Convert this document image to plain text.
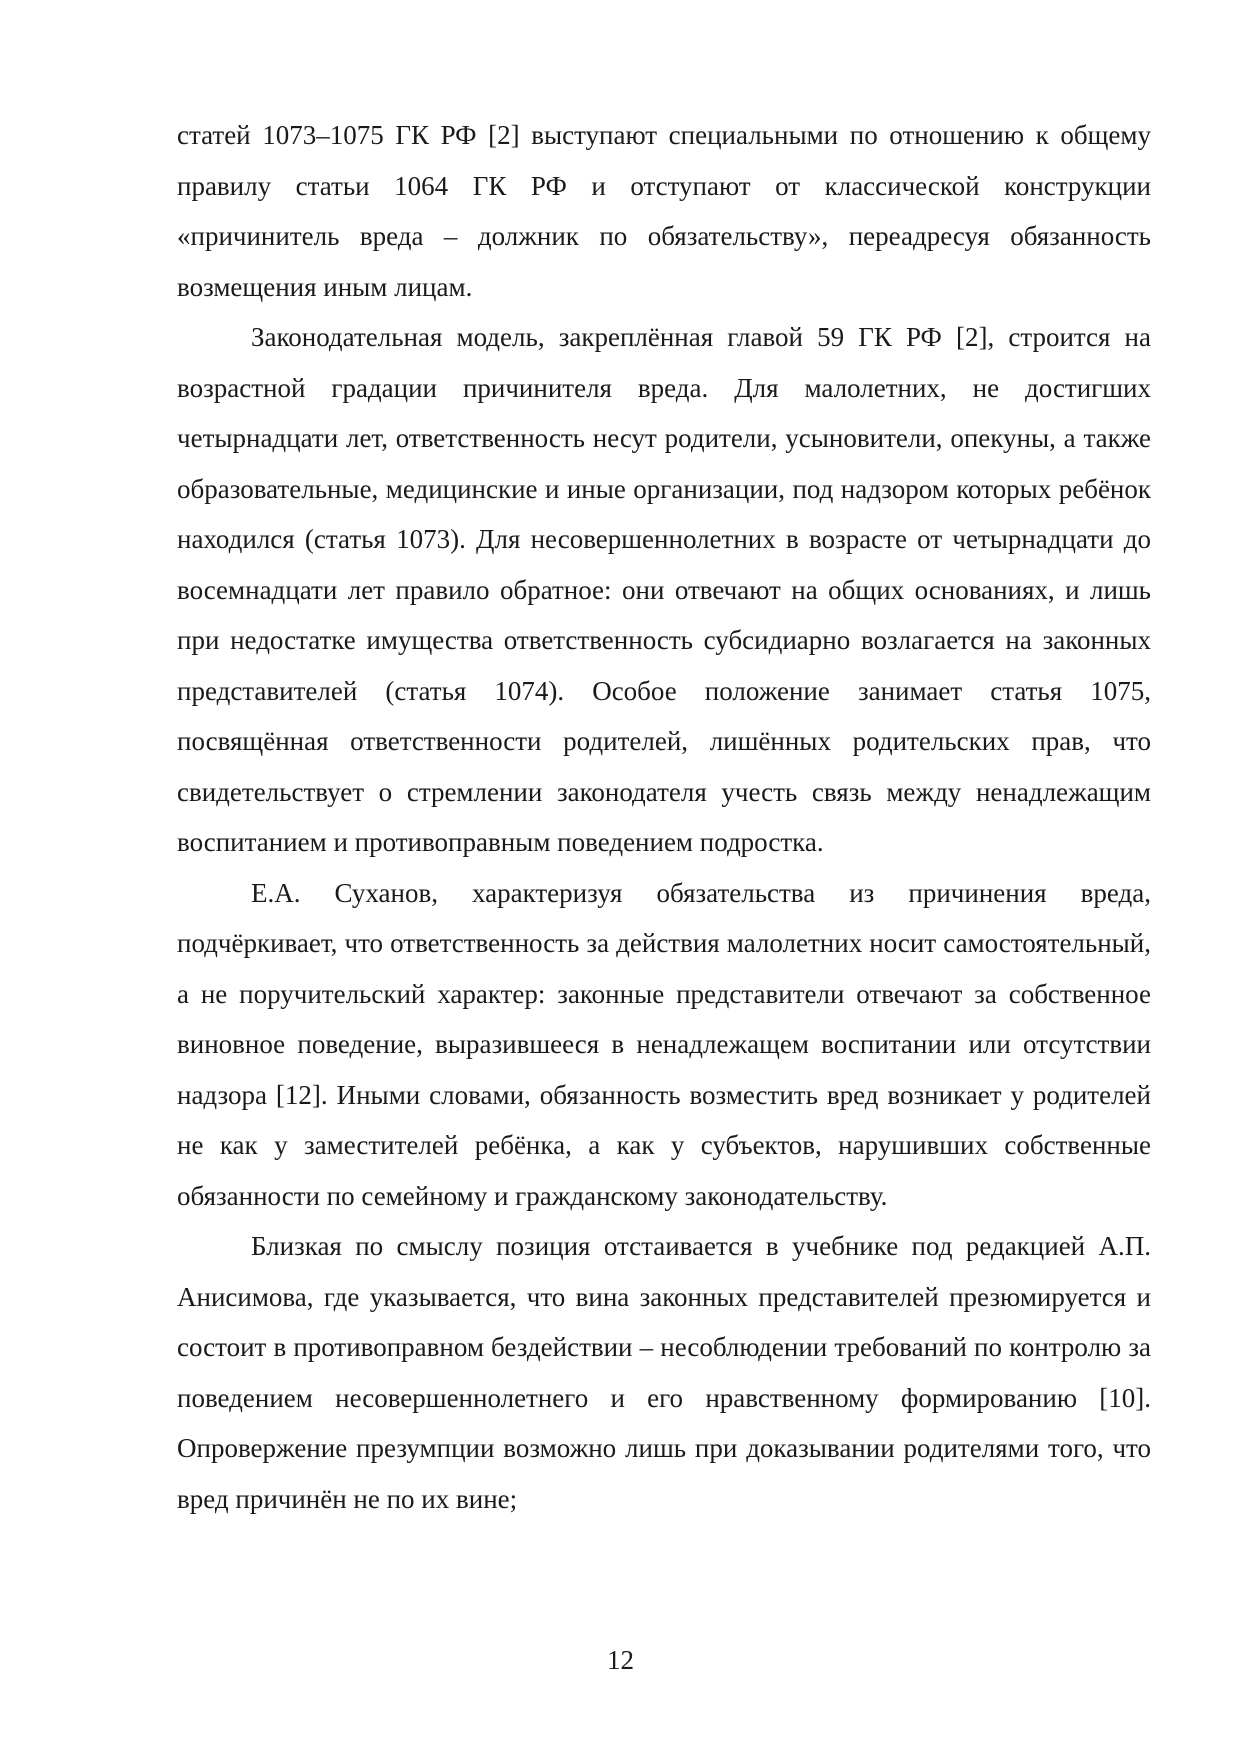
статей 1073–1075 ГК РФ [2] выступают специальными по отношению к общему правилу статьи 1064 ГК РФ и отступают от классической конструкции «причинитель вреда – должник по обязательству», переадресуя обязанность возмещения иным лицам.

Законодательная модель, закреплённая главой 59 ГК РФ [2], строится на возрастной градации причинителя вреда. Для малолетних, не достигших четырнадцати лет, ответственность несут родители, усыновители, опекуны, а также образовательные, медицинские и иные организации, под надзором которых ребёнок находился (статья 1073). Для несовершеннолетних в возрасте от четырнадцати до восемнадцати лет правило обратное: они отвечают на общих основаниях, и лишь при недостатке имущества ответственность субсидиарно возлагается на законных представителей (статья 1074). Особое положение занимает статья 1075, посвящённая ответственности родителей, лишённых родительских прав, что свидетельствует о стремлении законодателя учесть связь между ненадлежащим воспитанием и противоправным поведением подростка.

Е.А. Суханов, характеризуя обязательства из причинения вреда, подчёркивает, что ответственность за действия малолетних носит самостоятельный, а не поручительский характер: законные представители отвечают за собственное виновное поведение, выразившееся в ненадлежащем воспитании или отсутствии надзора [12]. Иными словами, обязанность возместить вред возникает у родителей не как у заместителей ребёнка, а как у субъектов, нарушивших собственные обязанности по семейному и гражданскому законодательству.

Близкая по смыслу позиция отстаивается в учебнике под редакцией А.П. Анисимова, где указывается, что вина законных представителей презюмируется и состоит в противоправном бездействии – несоблюдении требований по контролю за поведением несовершеннолетнего и его нравственному формированию [10]. Опровержение презумпции возможно лишь при доказывании родителями того, что вред причинён не по их вине;

12
